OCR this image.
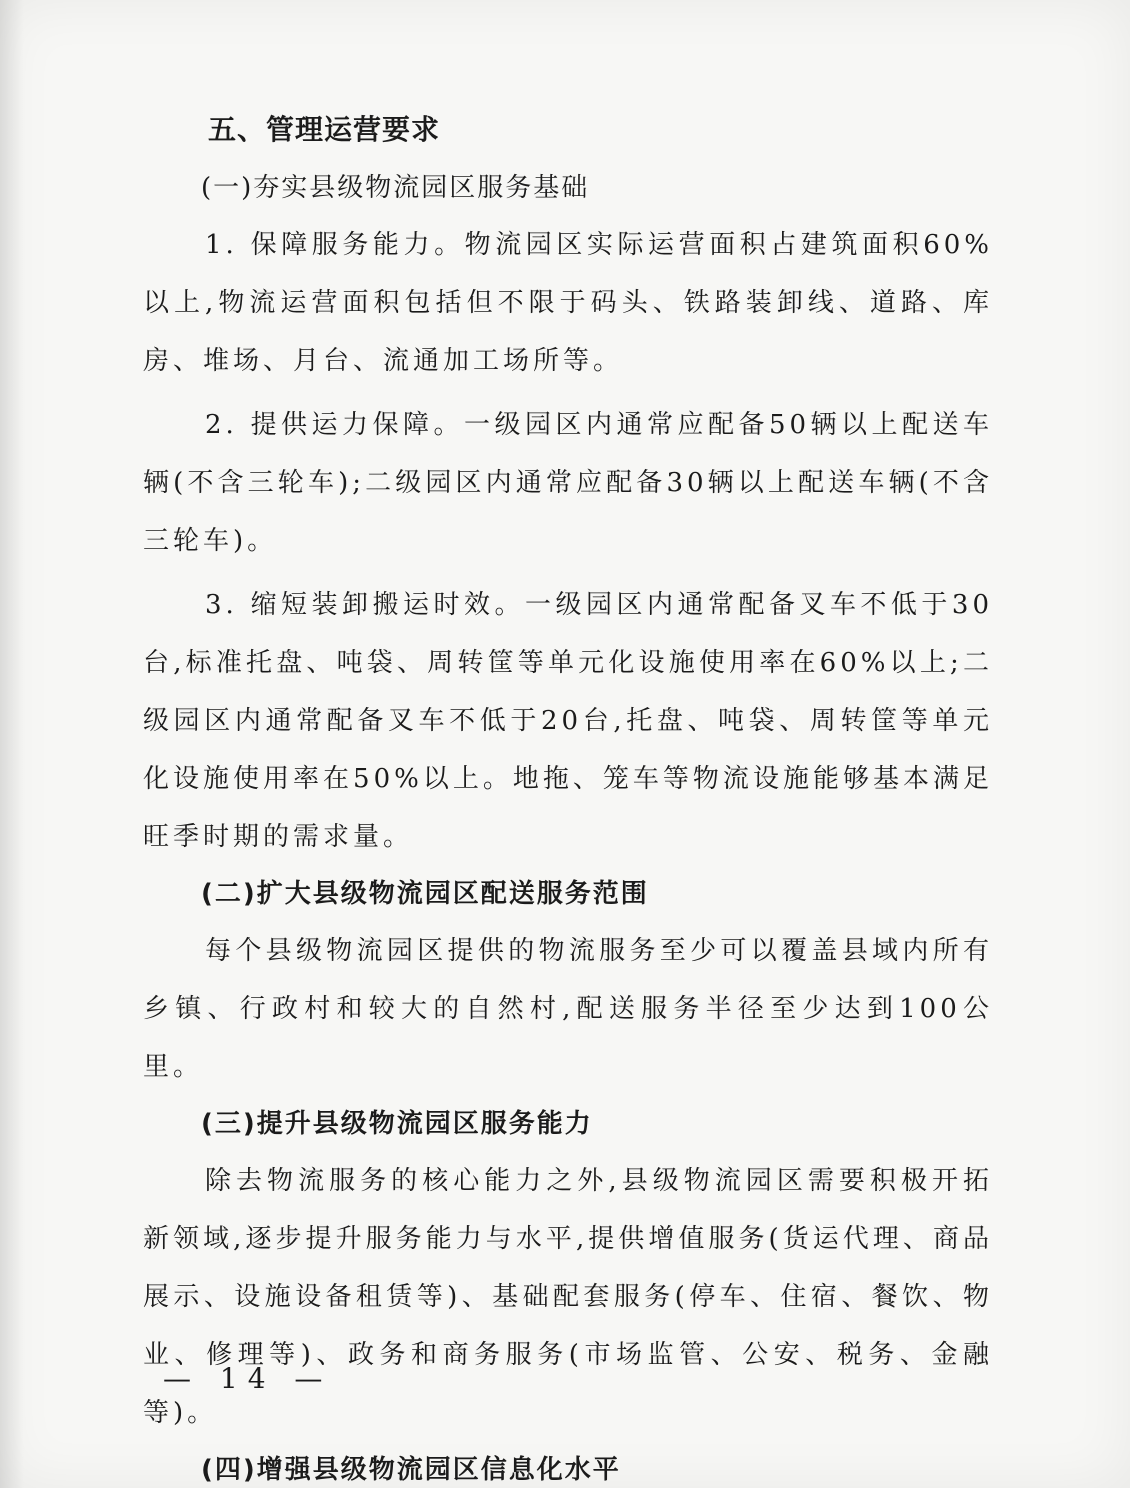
五、管理运营要求
(一)夯实县级物流园区服务基础

1. 保障服务能力。物流园区实际运营面积占建筑面积60%以上,物流运营面积包括但不限于码头、铁路装卸线、道路、库房、堆场、月台、流通加工场所等。

2. 提供运力保障。一级园区内通常应配备50辆以上配送车辆(不含三轮车);二级园区内通常应配备30辆以上配送车辆(不含三轮车)。

3. 缩短装卸搬运时效。一级园区内通常配备叉车不低于30台,标准托盘、吨袋、周转筐等单元化设施使用率在60%以上;二级园区内通常配备叉车不低于20台,托盘、吨袋、周转筐等单元化设施使用率在50%以上。地拖、笼车等物流设施能够基本满足旺季时期的需求量。

(二)扩大县级物流园区配送服务范围

每个县级物流园区提供的物流服务至少可以覆盖县域内所有乡镇、行政村和较大的自然村,配送服务半径至少达到100公里。

(三)提升县级物流园区服务能力

除去物流服务的核心能力之外,县级物流园区需要积极开拓新领域,逐步提升服务能力与水平,提供增值服务(货运代理、商品展示、设施设备租赁等)、基础配套服务(停车、住宿、餐饮、物业、修理等)、政务和商务服务(市场监管、公安、税务、金融等)。

(四)增强县级物流园区信息化水平
— 14 —
